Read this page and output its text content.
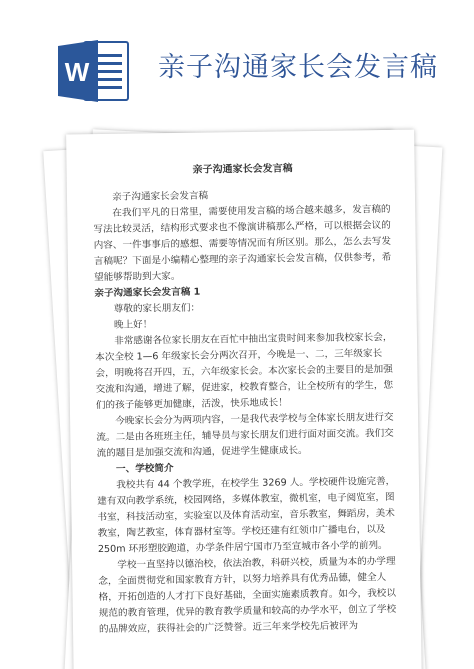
W	亲子沟通家长会发言稿
亲子沟通家长会发言稿

亲子沟通家长会发言稿

在我们平凡的日常里，需要使用发言稿的场合越来越多，发言稿的写法比较灵活，结构形式要求也不像演讲稿那么严格，可以根据会议的内容、一件事事后的感想、需要等情况而有所区别。那么，怎么去写发言稿呢？下面是小编精心整理的亲子沟通家长会发言稿，仅供参考，希望能够帮助到大家。

亲子沟通家长会发言稿 1

尊敬的家长朋友们：

晚上好！

非常感谢各位家长朋友在百忙中抽出宝贵时间来参加我校家长会，本次全校 1—6 年级家长会分两次召开，今晚是一、二，三年级家长会，明晚将召开四，五，六年级家长会。本次家长会的主要目的是加强交流和沟通，增进了解，促进家，校教育整合，让全校所有的学生，您们的孩子能够更加健康，活泼，快乐地成长！

今晚家长会分为两项内容，一是我代表学校与全体家长朋友进行交流。二是由各班班主任，辅导员与家长朋友们进行面对面交流。我们交流的题目是加强交流和沟通，促进学生健康成长。

一、学校简介

我校共有 44 个教学班，在校学生 3269 人。学校硬件设施完善，建有双向教学系统，校园网络，多媒体教室，微机室，电子阅览室，图书室，科技活动室，实验室以及体育活动室，音乐教室，舞蹈房，美术教室，陶艺教室，体育器材室等。学校还建有红领巾广播电台，以及 250m 环形塑胶跑道，办学条件居宁国市乃至宣城市各小学的前列。

学校一直坚持以德治校，依法治教，科研兴校，质量为本的办学理念，全面贯彻党和国家教育方针，以努力培养具有优秀品德，健全人格，开拓创造的人才打下良好基础，全面实施素质教育。如今，我校以规范的教育管理，优异的教育教学质量和较高的办学水平，创立了学校的品牌效应，获得社会的广泛赞誉。近三年来学校先后被评为
